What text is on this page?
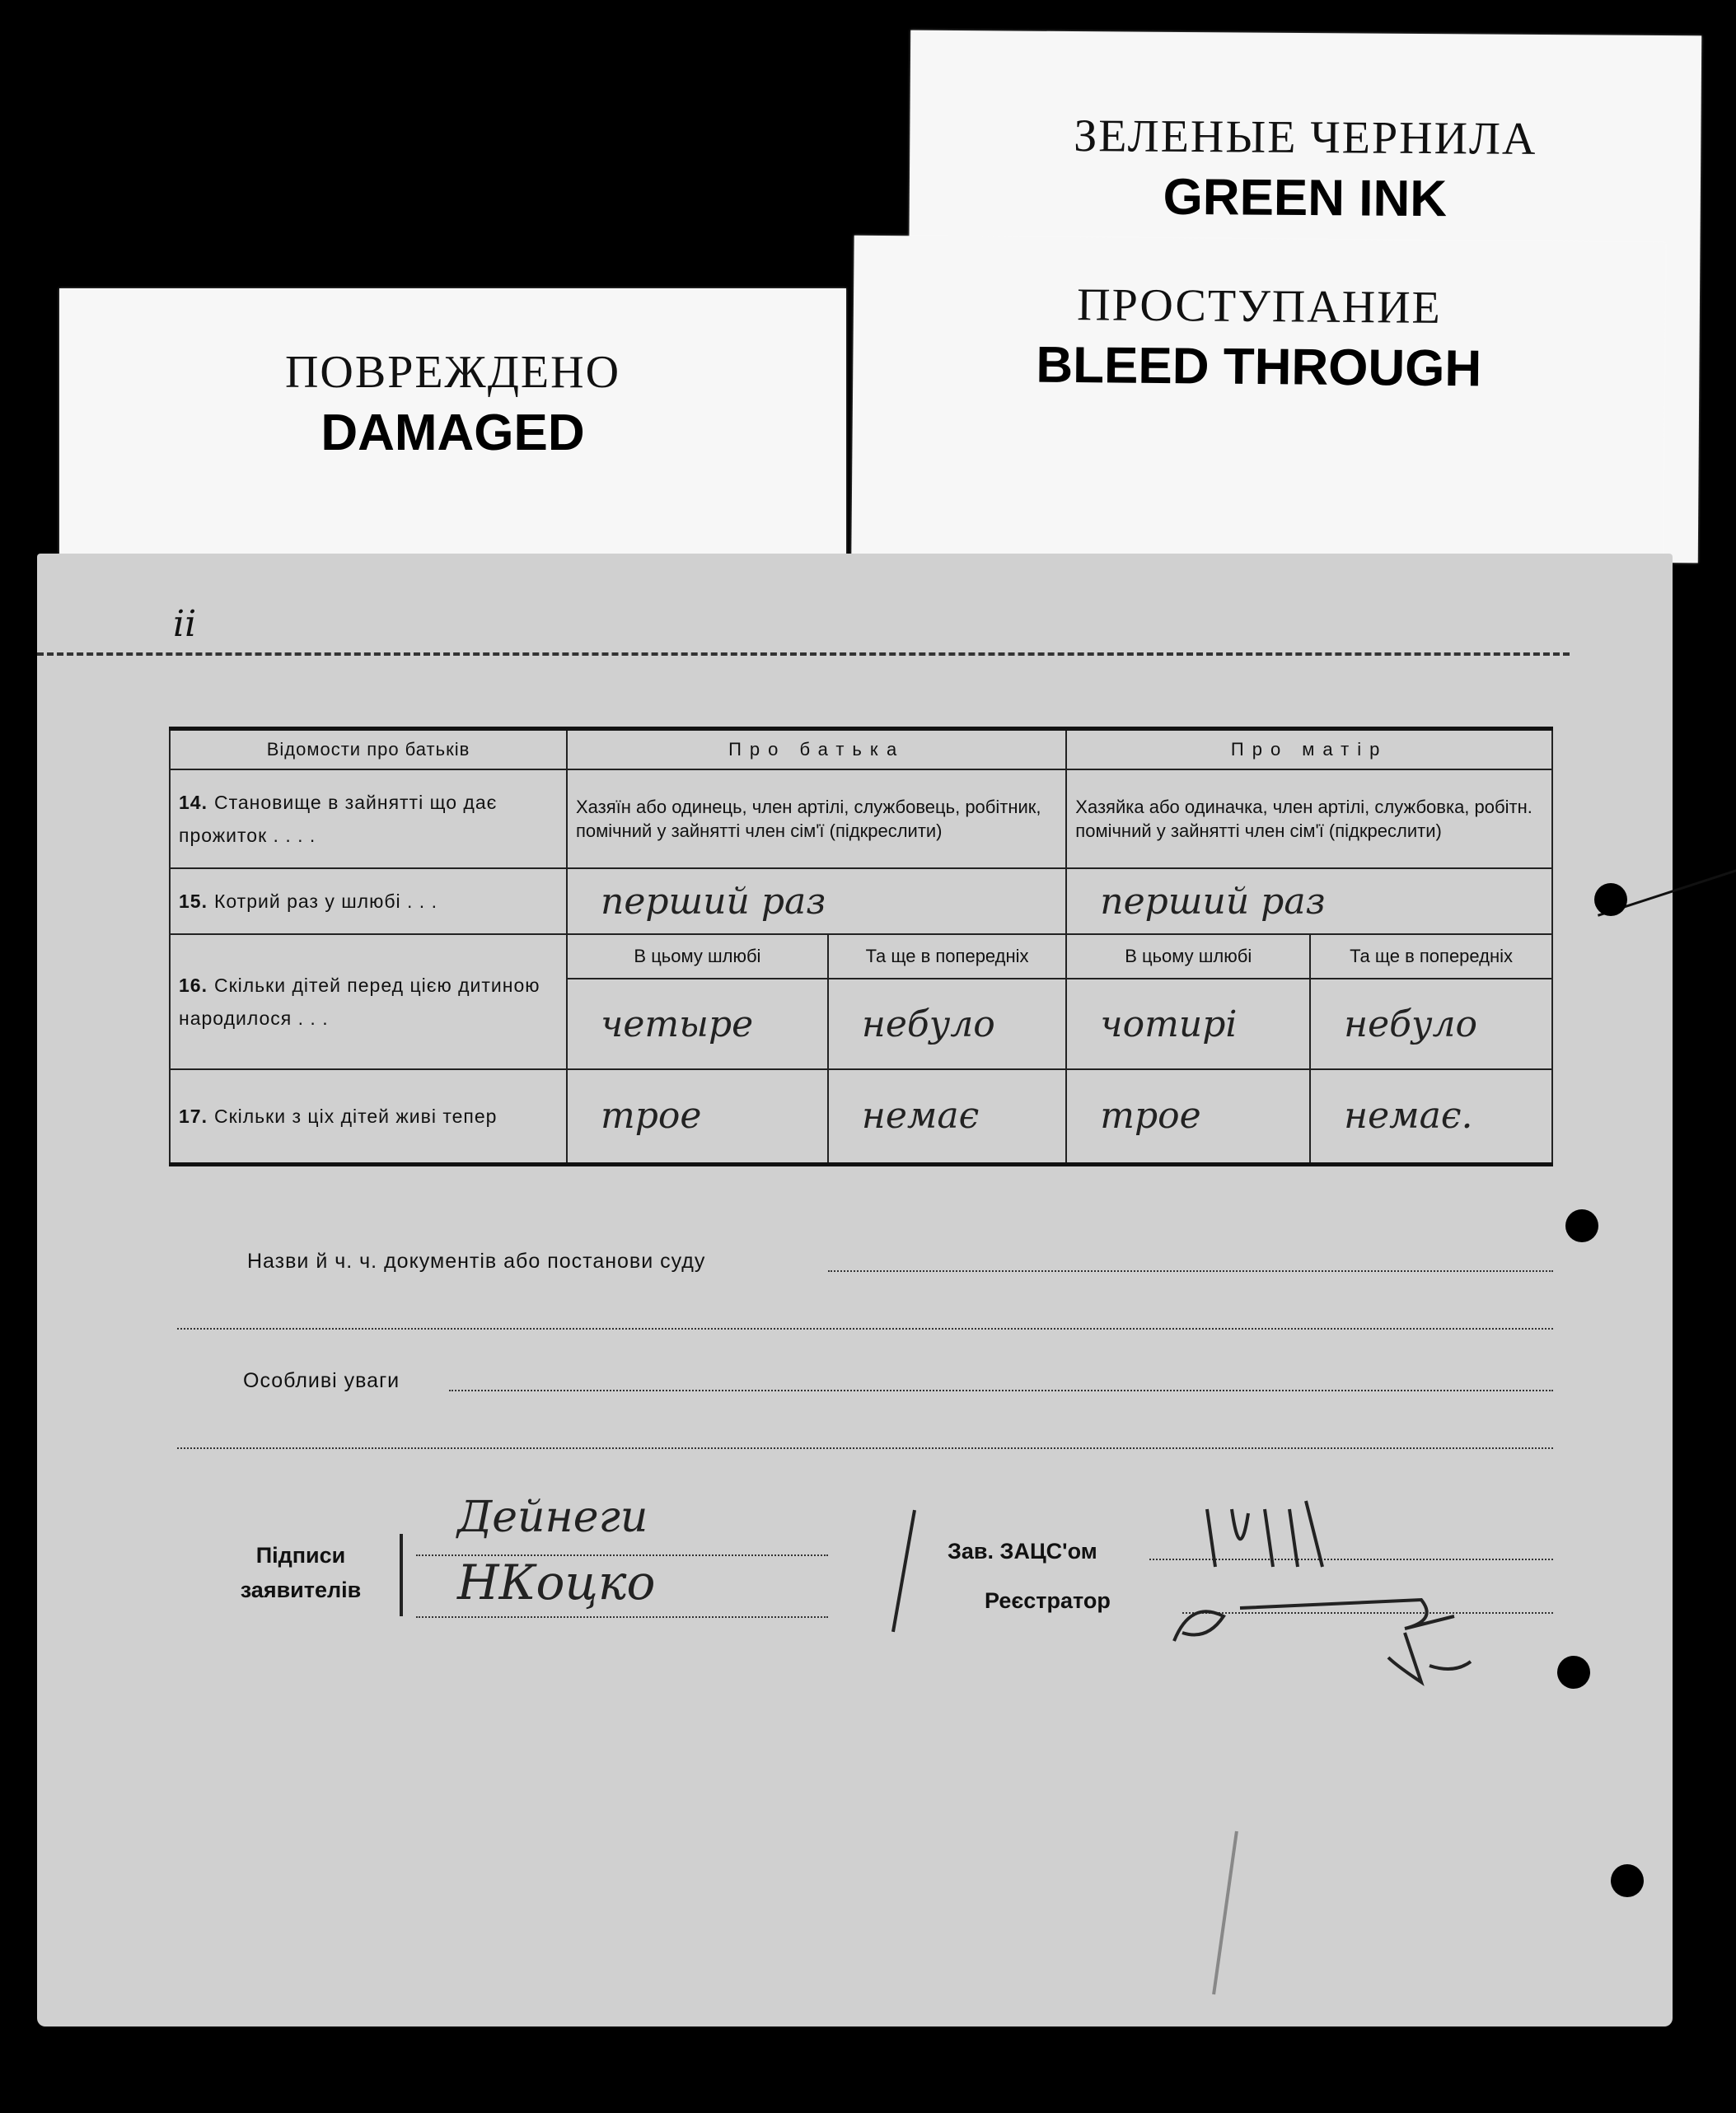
ЗЕЛЕНЫЕ ЧЕРНИЛА
GREEN INK
ПОВРЕЖДЕНО
DAMAGED
ПРОСТУПАНИЕ
BLEED THROUGH
ii
Відомости про батьків	Про батька		Про матір	
14. Становище в зайнятті що дає прожиток . . . .	Хазяїн або одинець, член артілі, службовець, робітник, помічний у зайнятті член сім'ї (підкреслити)		Хазяйка або одиначка, член артілі, службовка, робітн. помічний у зайнятті член сім'ї (підкреслити)	
15. Котрий раз у шлюбі . . .	перший раз		перший раз	
16. Скільки дітей перед цією дитиною народилося . . .	В цьому шлюбі	Та ще в попередніх	В цьому шлюбі	Та ще в попередніх
	четыре	небуло	чотирі	небуло
17. Скільки з ціх дітей живі тепер	трое	немає	трое	немає.
Назви й ч. ч. документів або постанови суду
Особливі уваги
Підписи заявителів
Дейнеги
НКоцко
Зав. ЗАЦС'ом
Реєстратор
